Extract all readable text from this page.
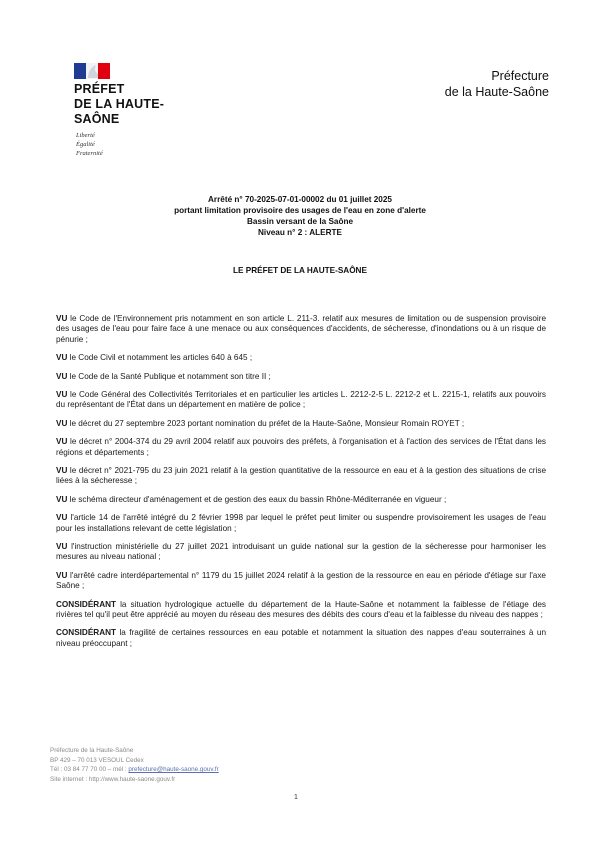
PRÉFET
DE LA HAUTE-
SAÔNE
Liberté
Égalité
Fraternité
Préfecture
de la Haute-Saône
Arrêté n° 70-2025-07-01-00002 du 01 juillet 2025
portant limitation provisoire des usages de l'eau en zone d'alerte
Bassin versant de la Saône
Niveau n° 2 : ALERTE
LE PRÉFET DE LA HAUTE-SAÔNE

VU le Code de l'Environnement pris notamment en son article L. 211-3. relatif aux mesures de limitation ou de suspension provisoire des usages de l'eau pour faire face à une menace ou aux conséquences d'accidents, de sécheresse, d'inondations ou à un risque de pénurie ;

VU le Code Civil et notamment les articles 640 à 645 ;

VU le Code de la Santé Publique et notamment son titre II ;

VU le Code Général des Collectivités Territoriales et en particulier les articles L. 2212-2-5 L. 2212-2 et L. 2215-1, relatifs aux pouvoirs du représentant de l'État dans un département en matière de police ;

VU le décret du 27 septembre 2023 portant nomination du préfet de la Haute-Saône, Monsieur Romain ROYET ;

VU le décret n° 2004-374 du 29 avril 2004 relatif aux pouvoirs des préfets, à l'organisation et à l'action des services de l'État dans les régions et départements ;

VU le décret n° 2021-795 du 23 juin 2021 relatif à la gestion quantitative de la ressource en eau et à la gestion des situations de crise liées à la sécheresse ;

VU le schéma directeur d'aménagement et de gestion des eaux du bassin Rhône-Méditerranée en vigueur ;

VU l'article 14 de l'arrêté intégré du 2 février 1998 par lequel le préfet peut limiter ou suspendre provisoirement les usages de l'eau pour les installations relevant de cette législation ;

VU l'instruction ministérielle du 27 juillet 2021 introduisant un guide national sur la gestion de la sécheresse pour harmoniser les mesures au niveau national ;

VU l'arrêté cadre interdépartemental n° 1179 du 15 juillet 2024 relatif à la gestion de la ressource en eau en période d'étiage sur l'axe Saône ;

CONSIDÉRANT la situation hydrologique actuelle du département de la Haute-Saône et notamment la faiblesse de l'étiage des rivières tel qu'il peut être apprécié au moyen du réseau des mesures des débits des cours d'eau et la faiblesse du niveau des nappes ;

CONSIDÉRANT la fragilité de certaines ressources en eau potable et notamment la situation des nappes d'eau souterraines à un niveau préoccupant ;

Préfecture de la Haute-Saône
BP 429 – 70 013 VESOUL Cedex
Tél : 03 84 77 70 00 – mél : prefecture@haute-saone.gouv.fr
Site internet : http://www.haute-saone.gouv.fr
1
